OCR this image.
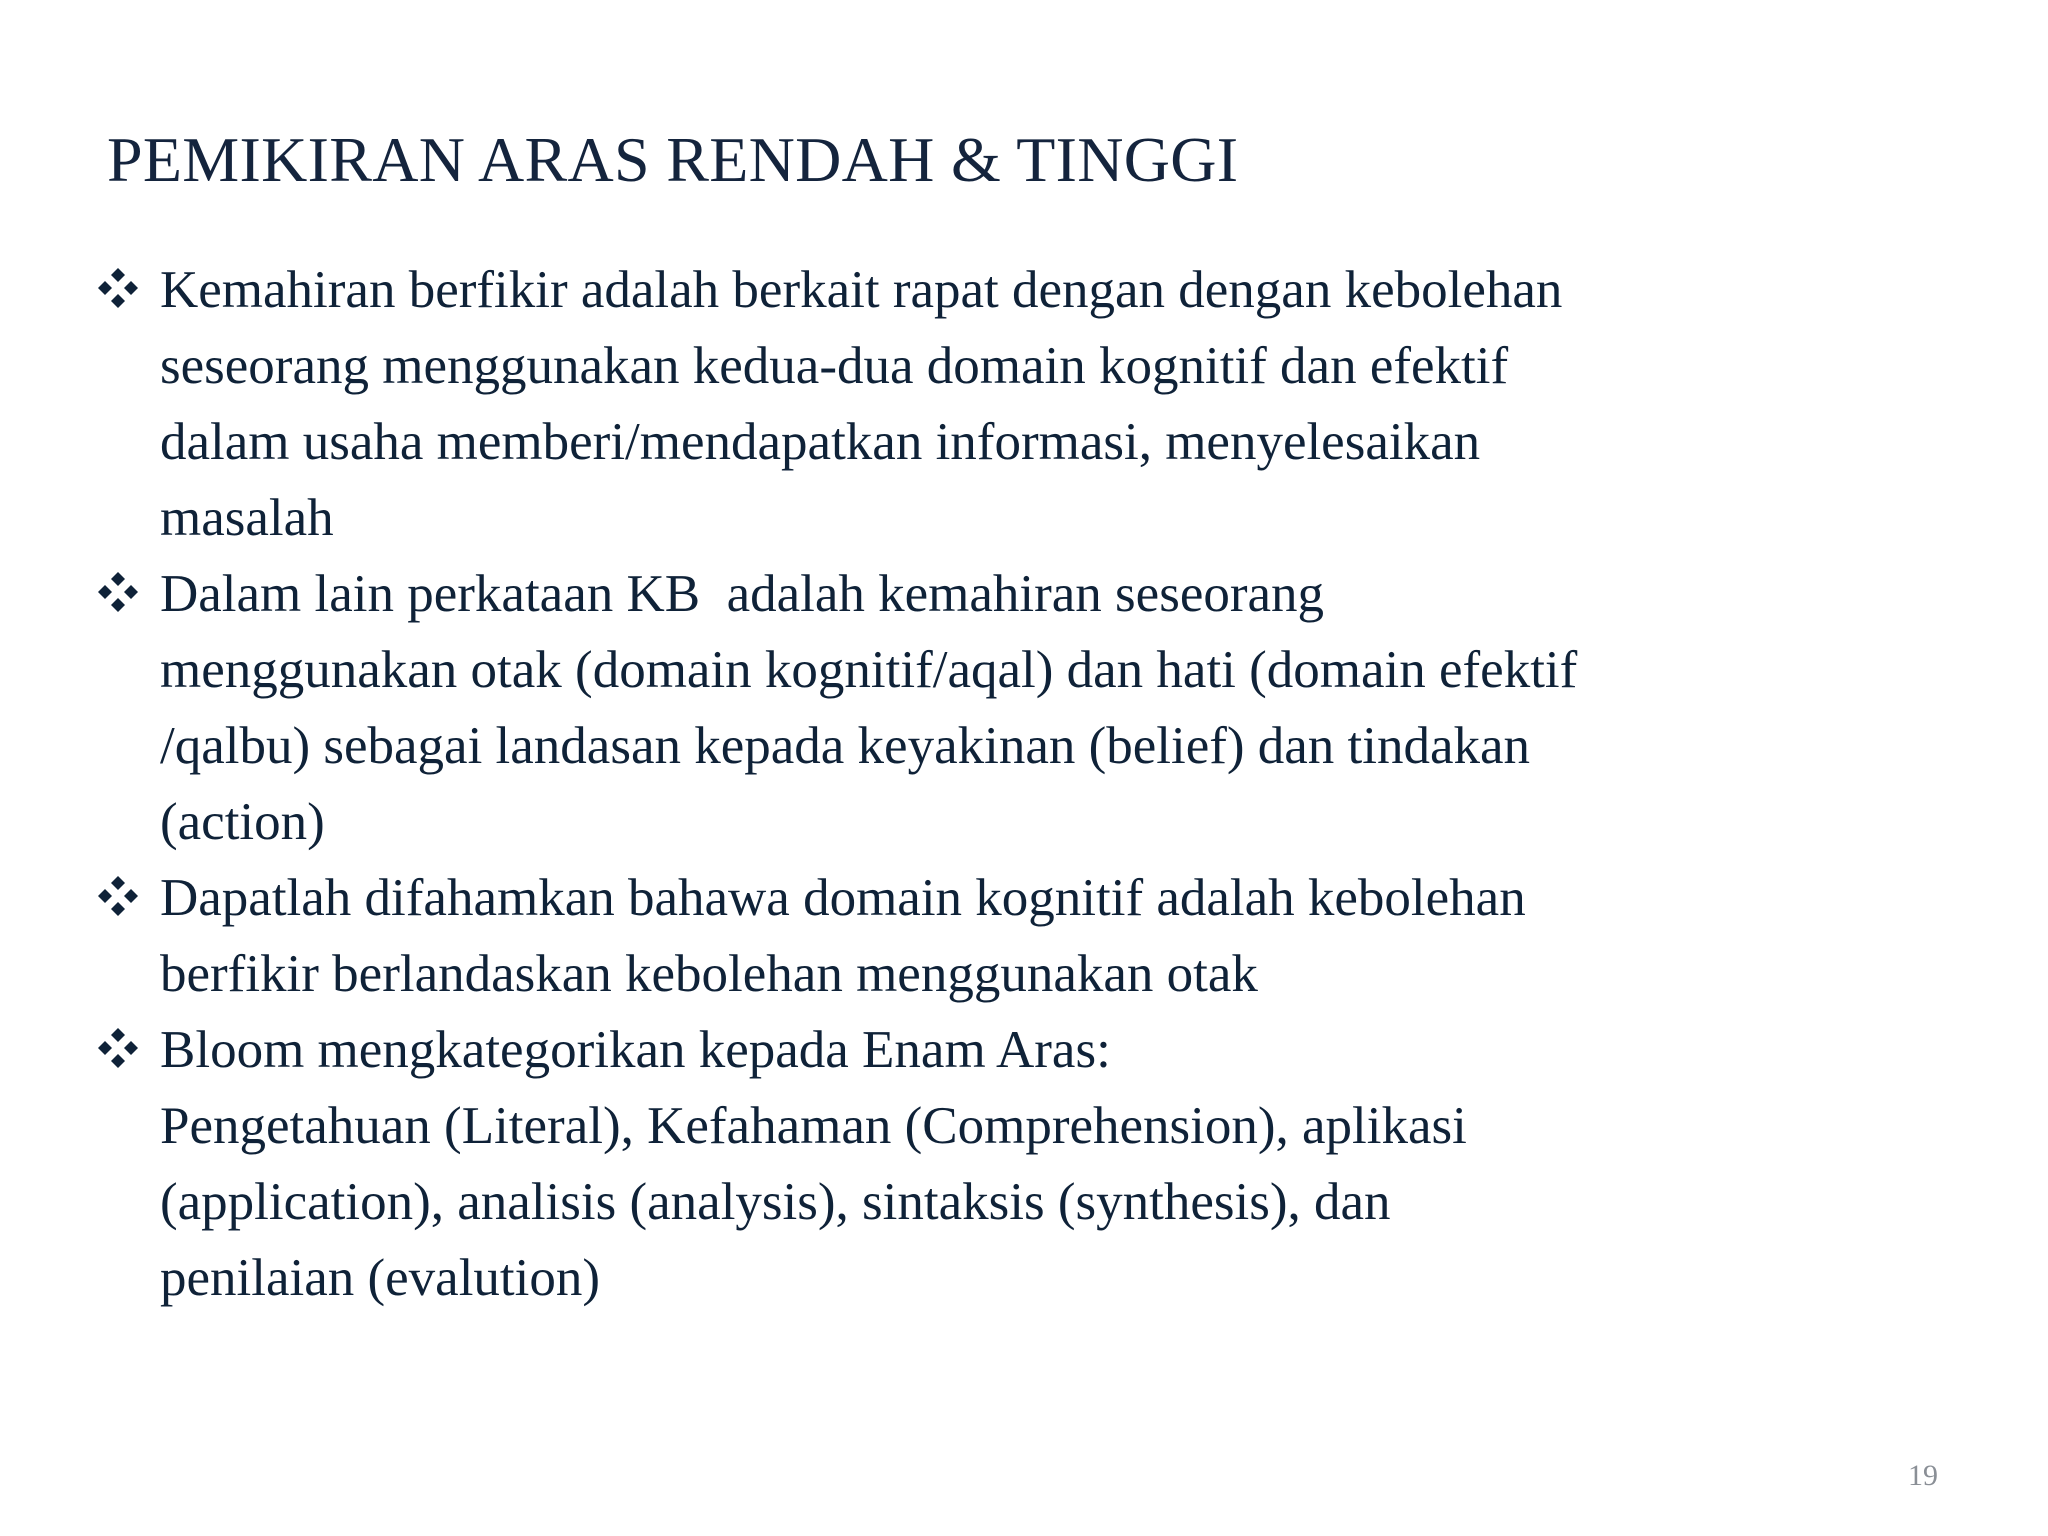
PEMIKIRAN ARAS RENDAH & TINGGI
Kemahiran berfikir adalah berkait rapat dengan dengan kebolehan
seseorang menggunakan kedua-dua domain kognitif dan efektif
dalam usaha memberi/mendapatkan informasi, menyelesaikan
masalah
Dalam lain perkataan KB  adalah kemahiran seseorang
menggunakan otak (domain kognitif/aqal) dan hati (domain efektif
/qalbu) sebagai landasan kepada keyakinan (belief) dan tindakan
(action)
Dapatlah difahamkan bahawa domain kognitif adalah kebolehan
berfikir berlandaskan kebolehan menggunakan otak
Bloom mengkategorikan kepada Enam Aras:
Pengetahuan (Literal), Kefahaman (Comprehension), aplikasi
(application), analisis (analysis), sintaksis (synthesis), dan
penilaian (evalution)
19
